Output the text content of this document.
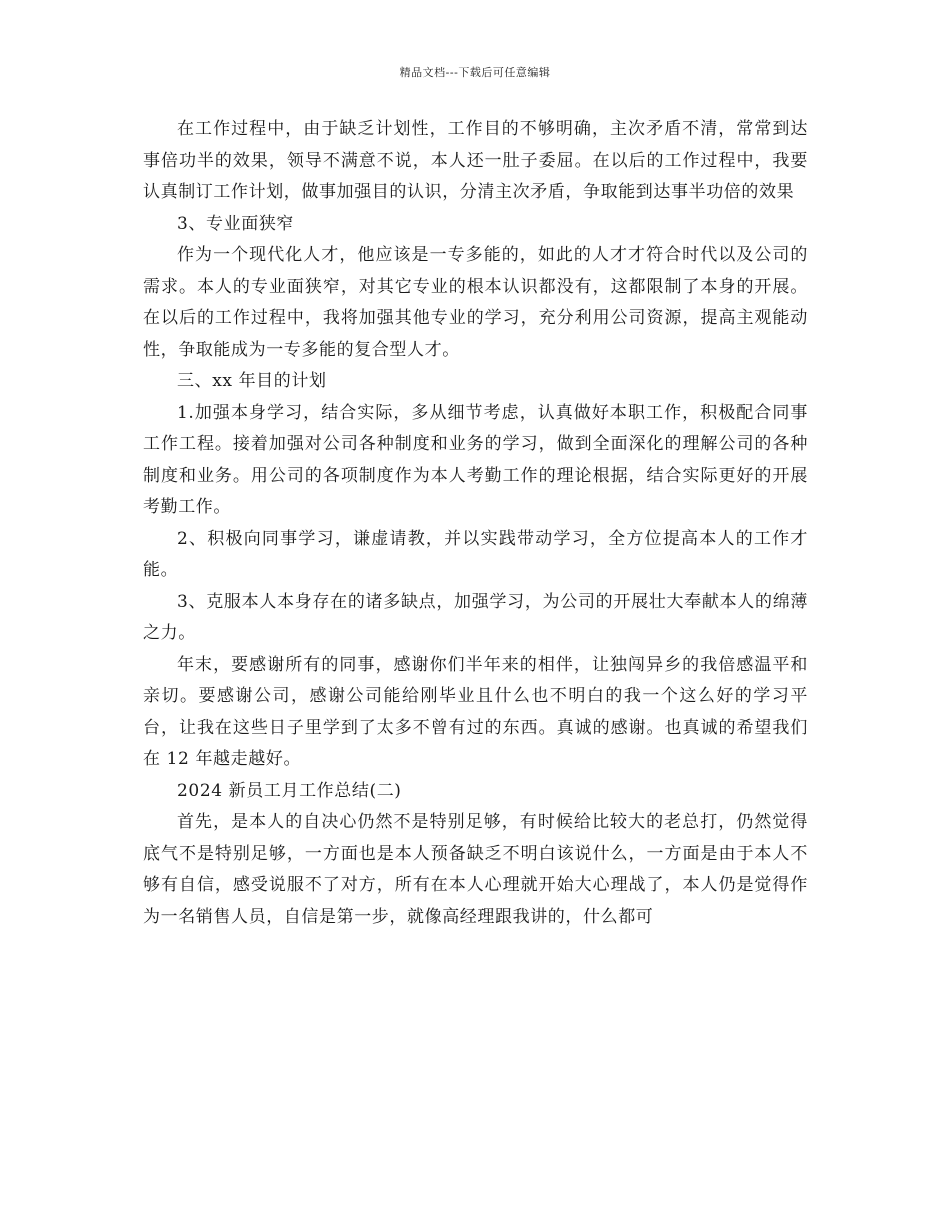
精品文档---下载后可任意编辑

在工作过程中，由于缺乏计划性，工作目的不够明确，主次矛盾不清，常常到达事倍功半的效果，领导不满意不说，本人还一肚子委屈。在以后的工作过程中，我要认真制订工作计划，做事加强目的认识，分清主次矛盾，争取能到达事半功倍的效果

3、专业面狭窄

作为一个现代化人才，他应该是一专多能的，如此的人才才符合时代以及公司的需求。本人的专业面狭窄，对其它专业的根本认识都没有，这都限制了本身的开展。在以后的工作过程中，我将加强其他专业的学习，充分利用公司资源，提高主观能动性，争取能成为一专多能的复合型人才。

三、xx 年目的计划

1.加强本身学习，结合实际，多从细节考虑，认真做好本职工作，积极配合同事工作工程。接着加强对公司各种制度和业务的学习，做到全面深化的理解公司的各种制度和业务。用公司的各项制度作为本人考勤工作的理论根据，结合实际更好的开展考勤工作。

2、积极向同事学习，谦虚请教，并以实践带动学习，全方位提高本人的工作才能。

3、克服本人本身存在的诸多缺点，加强学习，为公司的开展壮大奉献本人的绵薄之力。

年末，要感谢所有的同事，感谢你们半年来的相伴，让独闯异乡的我倍感温平和亲切。要感谢公司，感谢公司能给刚毕业且什么也不明白的我一个这么好的学习平台，让我在这些日子里学到了太多不曾有过的东西。真诚的感谢。也真诚的希望我们在 12 年越走越好。

2024 新员工月工作总结(二)

首先，是本人的自决心仍然不是特别足够，有时候给比较大的老总打，仍然觉得底气不是特别足够，一方面也是本人预备缺乏不明白该说什么，一方面是由于本人不够有自信，感受说服不了对方，所有在本人心理就开始大心理战了，本人仍是觉得作为一名销售人员，自信是第一步，就像高经理跟我讲的，什么都可
